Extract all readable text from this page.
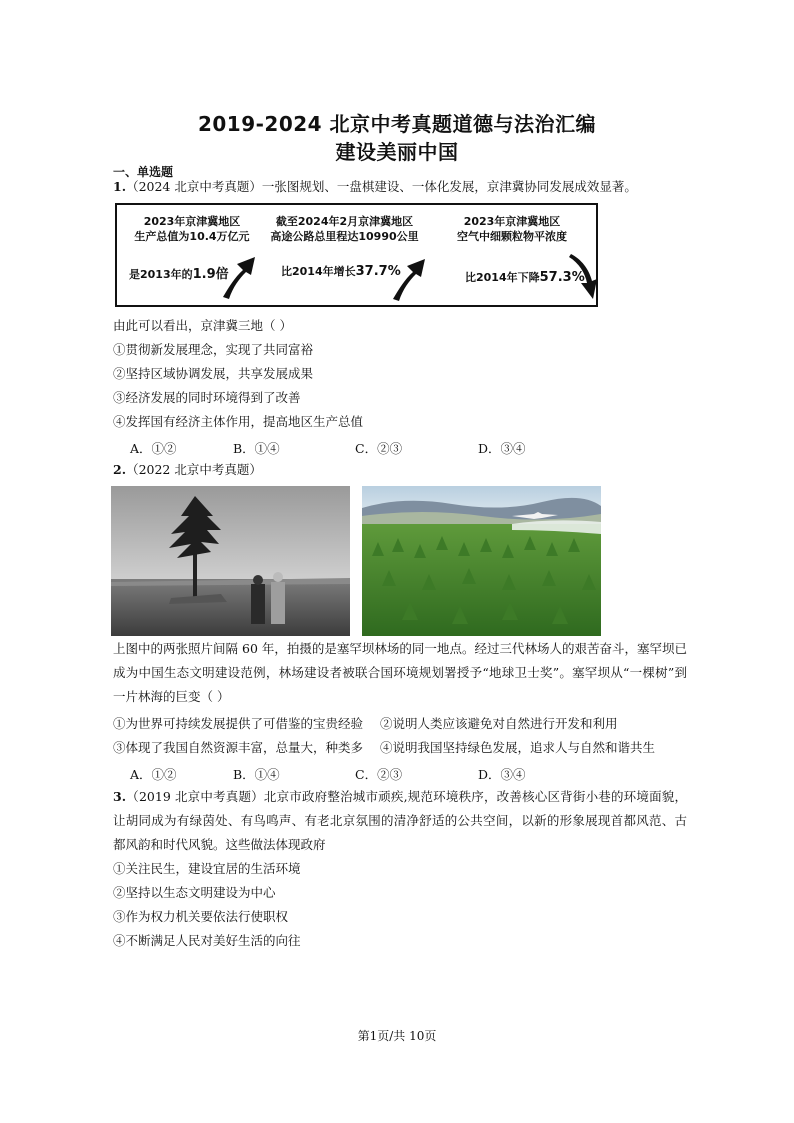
2019-2024 北京中考真题道德与法治汇编
建设美丽中国
一、单选题
1.（2024 北京中考真题）一张图规划、一盘棋建设、一体化发展，京津冀协同发展成效显著。
2023年京津冀地区
生产总值为10.4万亿元
是2013年的1.9倍
截至2024年2月京津冀地区
高途公路总里程达10990公里
比2014年增长37.7%
2023年京津冀地区
空气中细颗粒物平浓度
比2014年下降57.3%
由此可以看出，京津冀三地（ ）
①贯彻新发展理念，实现了共同富裕
②坚持区域协调发展，共享发展成果
③经济发展的同时环境得到了改善
④发挥国有经济主体作用，提高地区生产总值
A．①②	B．①④	C．②③	D．③④
2.（2022 北京中考真题）
上图中的两张照片间隔 60 年，拍摄的是塞罕坝林场的同一地点。经过三代林场人的艰苦奋斗，塞罕坝已成为中国生态文明建设范例，林场建设者被联合国环境规划署授予“地球卫士奖”。塞罕坝从“一棵树”到一片林海的巨变（ ）
①为世界可持续发展提供了可借鉴的宝贵经验 ②说明人类应该避免对自然进行开发和利用
③体现了我国自然资源丰富，总量大，种类多 ④说明我国坚持绿色发展，追求人与自然和谐共生
A．①②	B．①④	C．②③	D．③④
3.（2019 北京中考真题）北京市政府整治城市顽疾,规范环境秩序，改善核心区背街小巷的环境面貌，让胡同成为有绿茵处、有鸟鸣声、有老北京氛围的清净舒适的公共空间，以新的形象展现首都风范、古都风韵和时代风貌。这些做法体现政府
①关注民生，建设宜居的生活环境
②坚持以生态文明建设为中心
③作为权力机关要依法行使职权
④不断满足人民对美好生活的向往
第1页/共 10页
